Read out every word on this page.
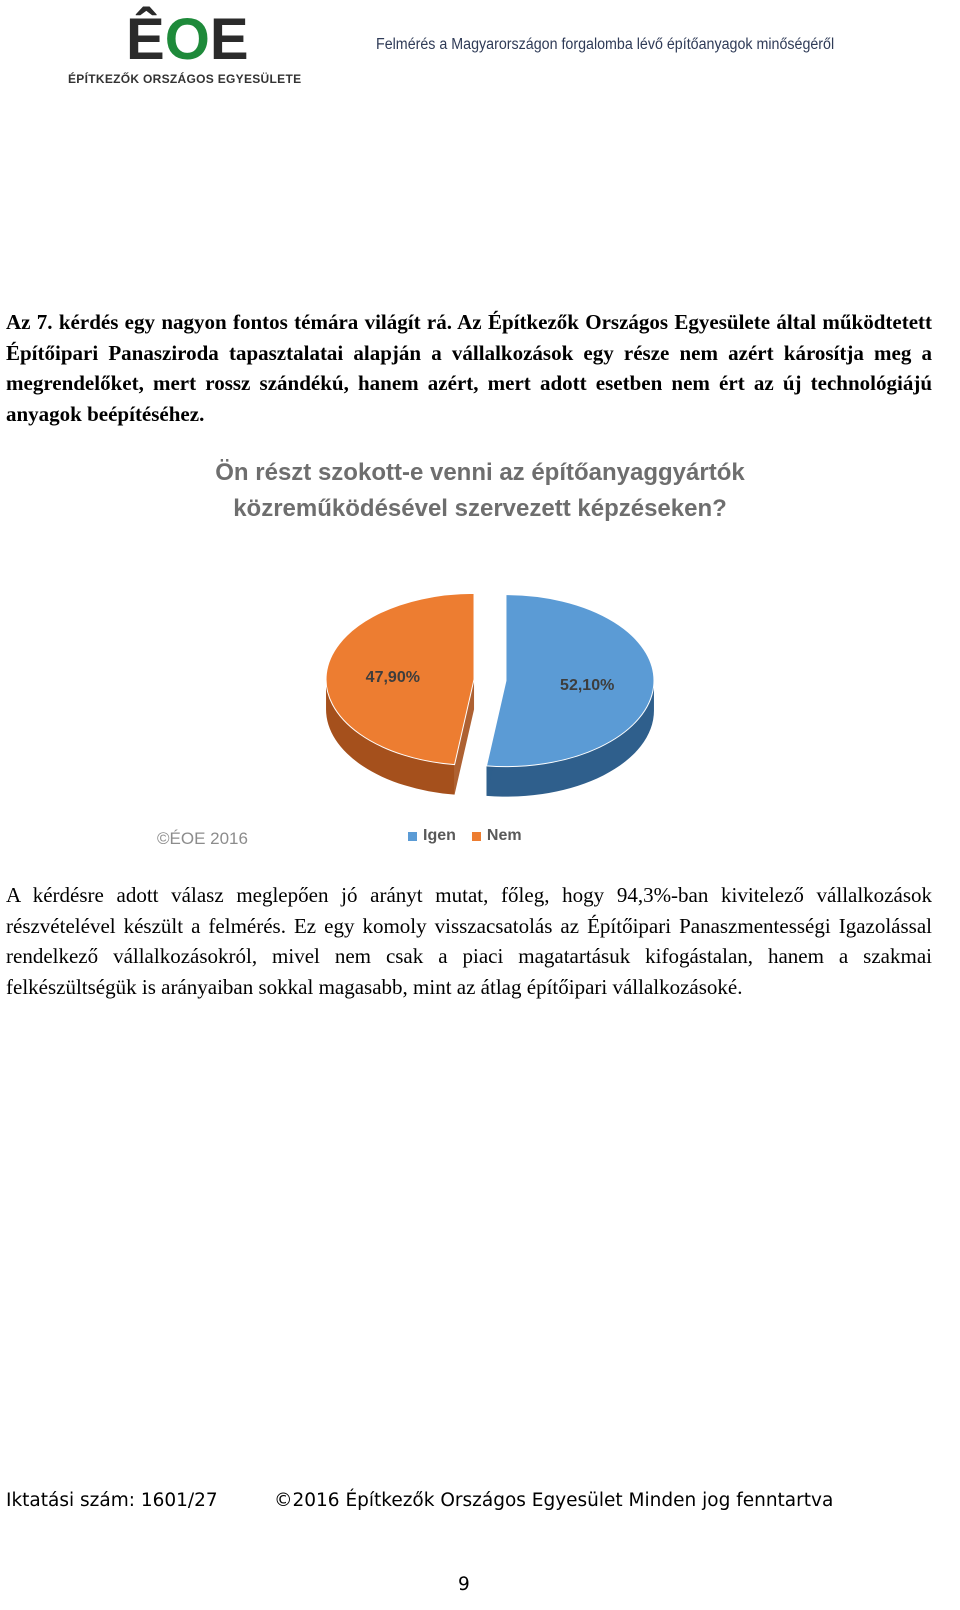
ÊOE
ÉPÍTKEZŐK ORSZÁGOS EGYESÜLETE
Felmérés a Magyarországon forgalomba lévő építőanyagok minőségéről
Az 7. kérdés egy nagyon fontos témára világít rá. Az Építkezők Országos Egyesülete által működtetett Építőipari Panasziroda tapasztalatai alapján a vállalkozások egy része nem azért károsítja meg a megrendelőket, mert rossz szándékú, hanem azért, mert adott esetben nem ért az új technológiájú anyagok beépítéséhez.
Ön részt szokott-e venni az építőanyaggyártók
közreműködésével szervezett képzéseken?
52,10%
47,90%
©ÉOE 2016	Igen Nem
A kérdésre adott válasz meglepően jó arányt mutat, főleg, hogy 94,3%-ban kivitelező vállalkozások részvételével készült a felmérés. Ez egy komoly visszacsatolás az Építőipari Panaszmentességi Igazolással rendelkező vállalkozásokról, mivel nem csak a piaci magatartásuk kifogástalan, hanem a szakmai felkészültségük is arányaiban sokkal magasabb, mint az átlag építőipari vállalkozásoké.
Iktatási szám: 1601/27	©2016 Építkezők Országos Egyesület Minden jog fenntartva
9
